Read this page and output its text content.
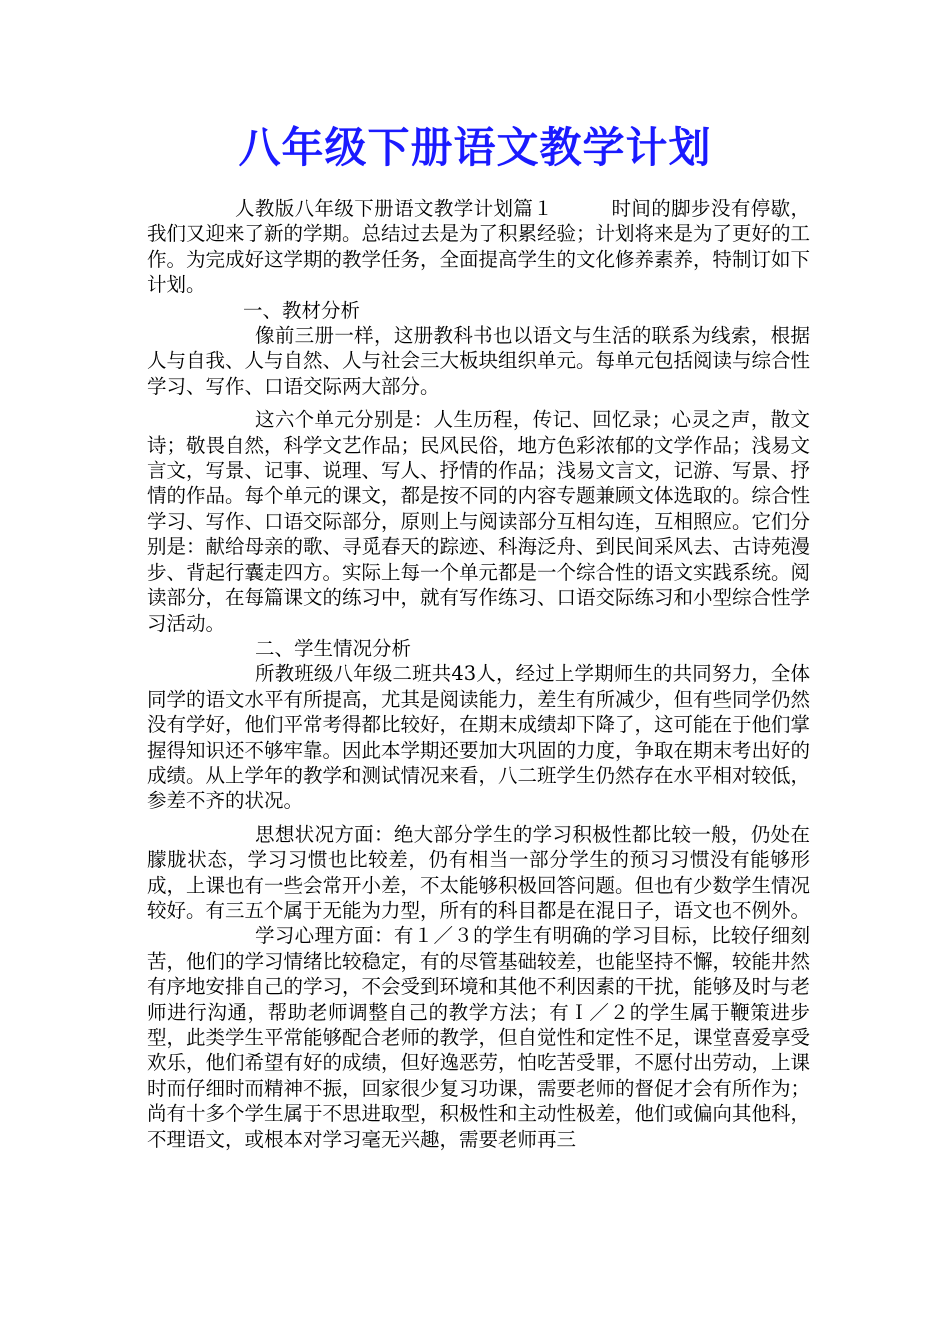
八年级下册语文教学计划

人教版八年级下册语文教学计划篇１	时间的脚步没有停歇，我们又迎来了新的学期。总结过去是为了积累经验；计划将来是为了更好的工作。为完成好这学期的教学任务，全面提高学生的文化修养素养，特制订如下计划。

一、教材分析

像前三册一样，这册教科书也以语文与生活的联系为线索，根据人与自我、人与自然、人与社会三大板块组织单元。每单元包括阅读与综合性学习、写作、口语交际两大部分。

这六个单元分别是：人生历程，传记、回忆录；心灵之声，散文诗；敬畏自然，科学文艺作品；民风民俗，地方色彩浓郁的文学作品；浅易文言文，写景、记事、说理、写人、抒情的作品；浅易文言文，记游、写景、抒情的作品。每个单元的课文，都是按不同的内容专题兼顾文体选取的。综合性学习、写作、口语交际部分，原则上与阅读部分互相勾连，互相照应。它们分别是：献给母亲的歌、寻觅春天的踪迹、科海泛舟、到民间采风去、古诗苑漫步、背起行囊走四方。实际上每一个单元都是一个综合性的语文实践系统。阅读部分，在每篇课文的练习中，就有写作练习、口语交际练习和小型综合性学习活动。

二、学生情况分析

所教班级八年级二班共43人，经过上学期师生的共同努力，全体同学的语文水平有所提高，尤其是阅读能力，差生有所减少，但有些同学仍然没有学好，他们平常考得都比较好，在期末成绩却下降了，这可能在于他们掌握得知识还不够牢靠。因此本学期还要加大巩固的力度，争取在期末考出好的成绩。从上学年的教学和测试情况来看，八二班学生仍然存在水平相对较低，参差不齐的状况。

思想状况方面：绝大部分学生的学习积极性都比较一般，仍处在朦胧状态，学习习惯也比较差，仍有相当一部分学生的预习习惯没有能够形成，上课也有一些会常开小差，不太能够积极回答问题。但也有少数学生情况较好。有三五个属于无能为力型，所有的科目都是在混日子，语文也不例外。

学习心理方面：有１／３的学生有明确的学习目标，比较仔细刻苦，他们的学习情绪比较稳定，有的尽管基础较差，也能坚持不懈，较能井然有序地安排自己的学习，不会受到环境和其他不利因素的干扰，能够及时与老师进行沟通，帮助老师调整自己的教学方法；有Ｉ／２的学生属于鞭策进步型，此类学生平常能够配合老师的教学，但自觉性和定性不足，课堂喜爱享受欢乐，他们希望有好的成绩，但好逸恶劳，怕吃苦受罪，不愿付出劳动，上课时而仔细时而精神不振，回家很少复习功课，需要老师的督促才会有所作为；尚有十多个学生属于不思进取型，积极性和主动性极差，他们或偏向其他科，不理语文，或根本对学习毫无兴趣，需要老师再三
